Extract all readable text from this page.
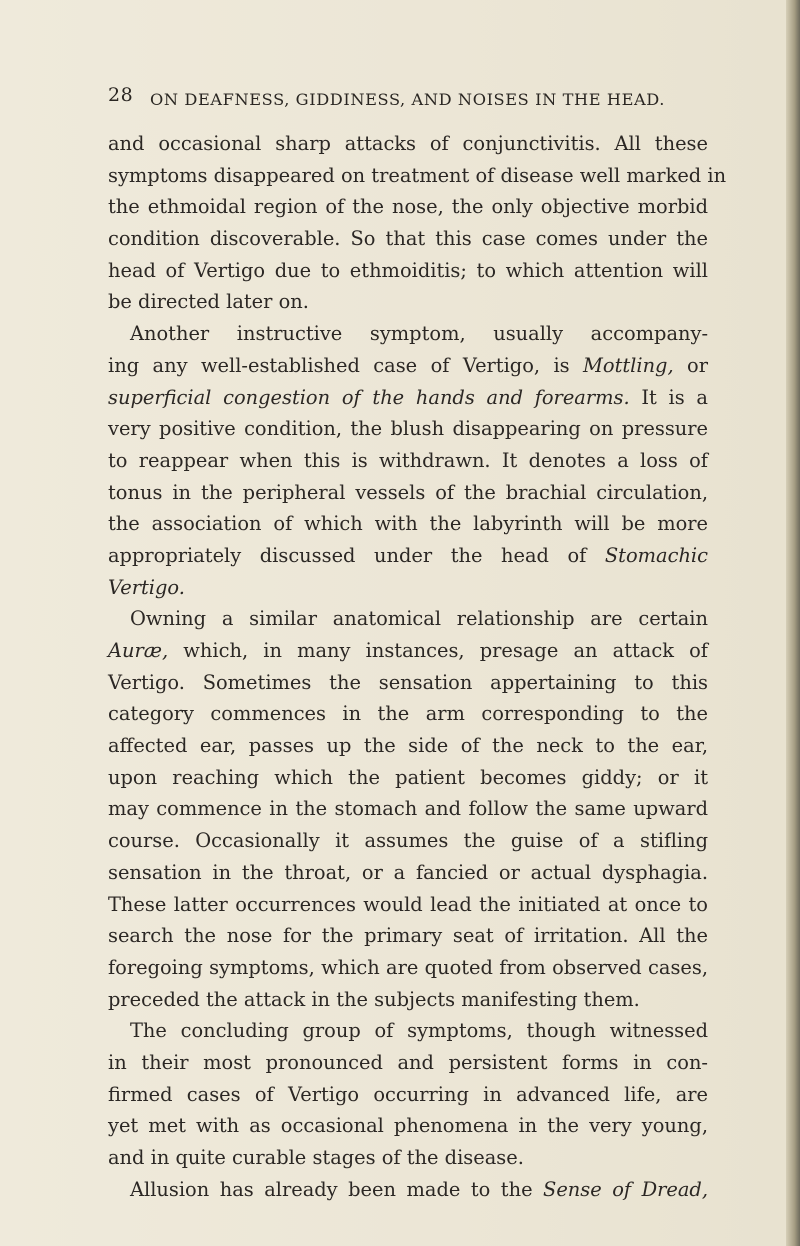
28 ON DEAFNESS, GIDDINESS, AND NOISES IN THE HEAD.
and occasional sharp attacks of conjunctivitis. All these
symptoms disappeared on treatment of disease well marked in
the ethmoidal region of the nose, the only objective morbid
condition discoverable. So that this case comes under the
head of Vertigo due to ethmoiditis; to which attention will
be directed later on.
Another instructive symptom, usually accompany-
ing any well-established case of Vertigo, is Mottling, or
superficial congestion of the hands and forearms. It is a
very positive condition, the blush disappearing on pressure
to reappear when this is withdrawn. It denotes a loss of
tonus in the peripheral vessels of the brachial circulation,
the association of which with the labyrinth will be more
appropriately discussed under the head of Stomachic
Vertigo.
Owning a similar anatomical relationship are certain
Auræ, which, in many instances, presage an attack of
Vertigo. Sometimes the sensation appertaining to this
category commences in the arm corresponding to the
affected ear, passes up the side of the neck to the ear,
upon reaching which the patient becomes giddy; or it
may commence in the stomach and follow the same upward
course. Occasionally it assumes the guise of a stifling
sensation in the throat, or a fancied or actual dysphagia.
These latter occurrences would lead the initiated at once to
search the nose for the primary seat of irritation. All the
foregoing symptoms, which are quoted from observed cases,
preceded the attack in the subjects manifesting them.
The concluding group of symptoms, though witnessed
in their most pronounced and persistent forms in con-
firmed cases of Vertigo occurring in advanced life, are
yet met with as occasional phenomena in the very young,
and in quite curable stages of the disease.
Allusion has already been made to the Sense of Dread,
